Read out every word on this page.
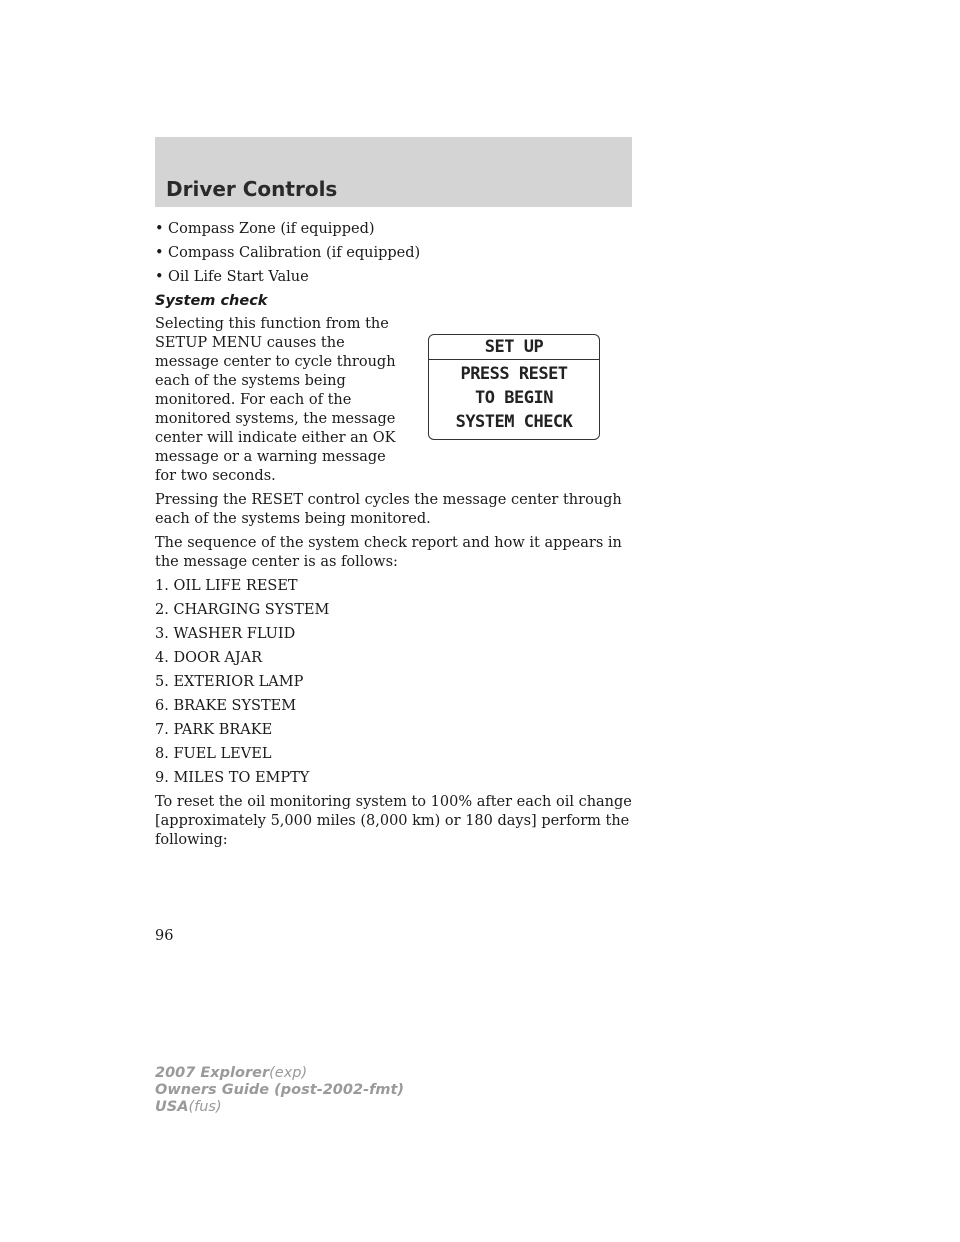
Driver Controls
• Compass Zone (if equipped)
• Compass Calibration (if equipped)
• Oil Life Start Value
System check

Selecting this function from the SETUP MENU causes the message center to cycle through each of the systems being monitored. For each of the monitored systems, the message center will indicate either an OK message or a warning message for two seconds.

Pressing the RESET control cycles the message center through each of the systems being monitored.

The sequence of the system check report and how it appears in the message center is as follows:

1. OIL LIFE RESET
2. CHARGING SYSTEM
3. WASHER FLUID
4. DOOR AJAR
5. EXTERIOR LAMP
6. BRAKE SYSTEM
7. PARK BRAKE
8. FUEL LEVEL
9. MILES TO EMPTY

To reset the oil monitoring system to 100% after each oil change [approximately 5,000 miles (8,000 km) or 180 days] perform the following:

SET UP
PRESS RESET
TO BEGIN
SYSTEM CHECK
96
2007 Explorer(exp)
Owners Guide (post-2002-fmt)
USA(fus)
